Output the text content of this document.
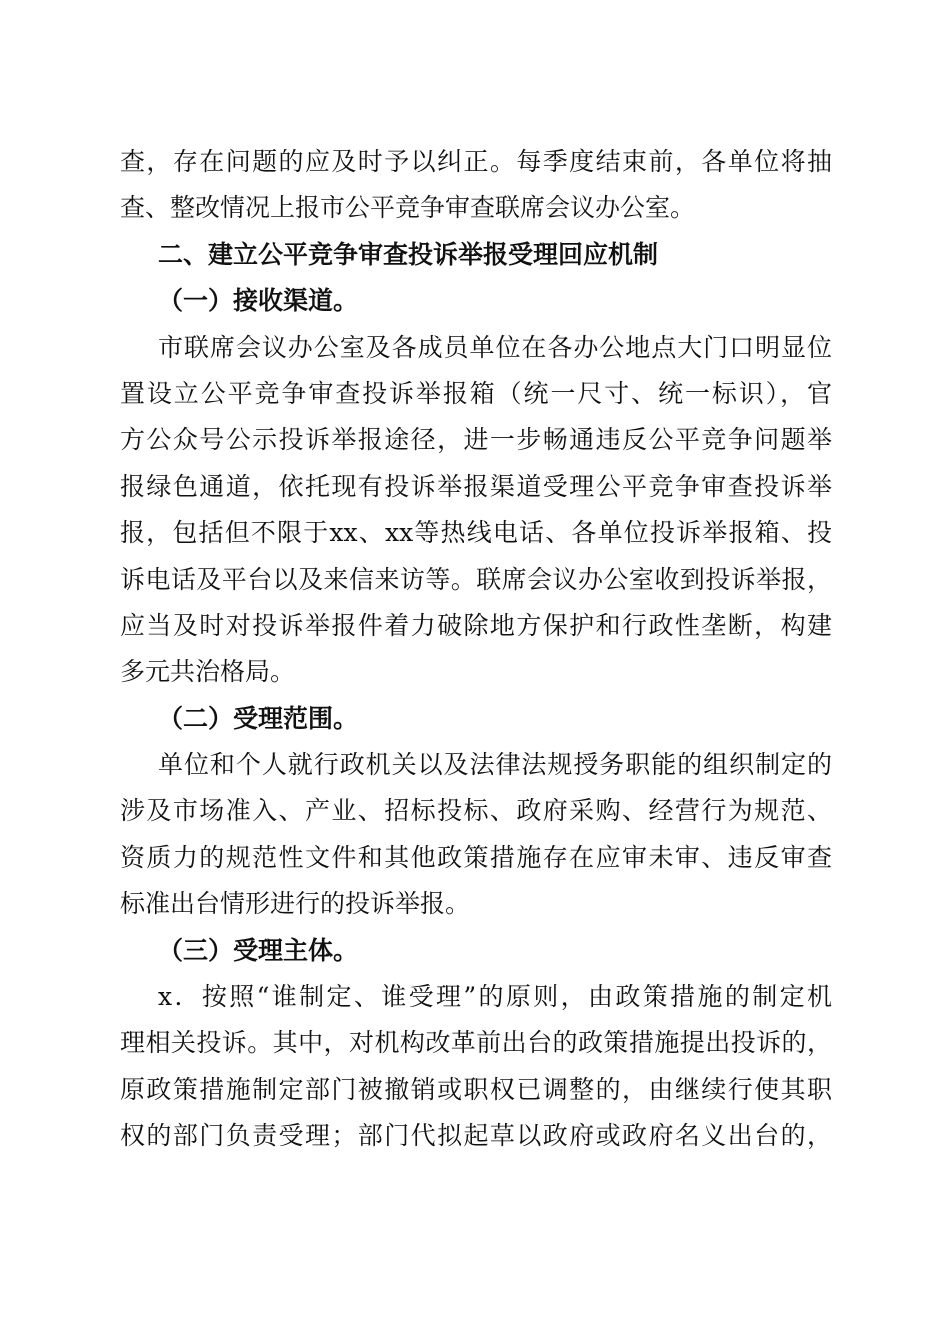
查，存在问题的应及时予以纠正。每季度结束前，各单位将抽
查、整改情况上报市公平竞争审查联席会议办公室。
二、建立公平竞争审查投诉举报受理回应机制
（一）接收渠道。
市联席会议办公室及各成员单位在各办公地点大门口明显位
置设立公平竞争审查投诉举报箱（统一尺寸、统一标识），官
方公众号公示投诉举报途径，进一步畅通违反公平竞争问题举
报绿色通道，依托现有投诉举报渠道受理公平竞争审查投诉举
报，包括但不限于xx、xx等热线电话、各单位投诉举报箱、投
诉电话及平台以及来信来访等。联席会议办公室收到投诉举报，
应当及时对投诉举报件着力破除地方保护和行政性垄断，构建
多元共治格局。
（二）受理范围。
单位和个人就行政机关以及法律法规授务职能的组织制定的
涉及市场准入、产业、招标投标、政府采购、经营行为规范、
资质力的规范性文件和其他政策措施存在应审未审、违反审查
标准出台情形进行的投诉举报。
（三）受理主体。
x．按照“谁制定、谁受理”的原则，由政策措施的制定机
理相关投诉。其中，对机构改革前出台的政策措施提出投诉的，
原政策措施制定部门被撤销或职权已调整的，由继续行使其职
权的部门负责受理；部门代拟起草以政府或政府名义出台的，
